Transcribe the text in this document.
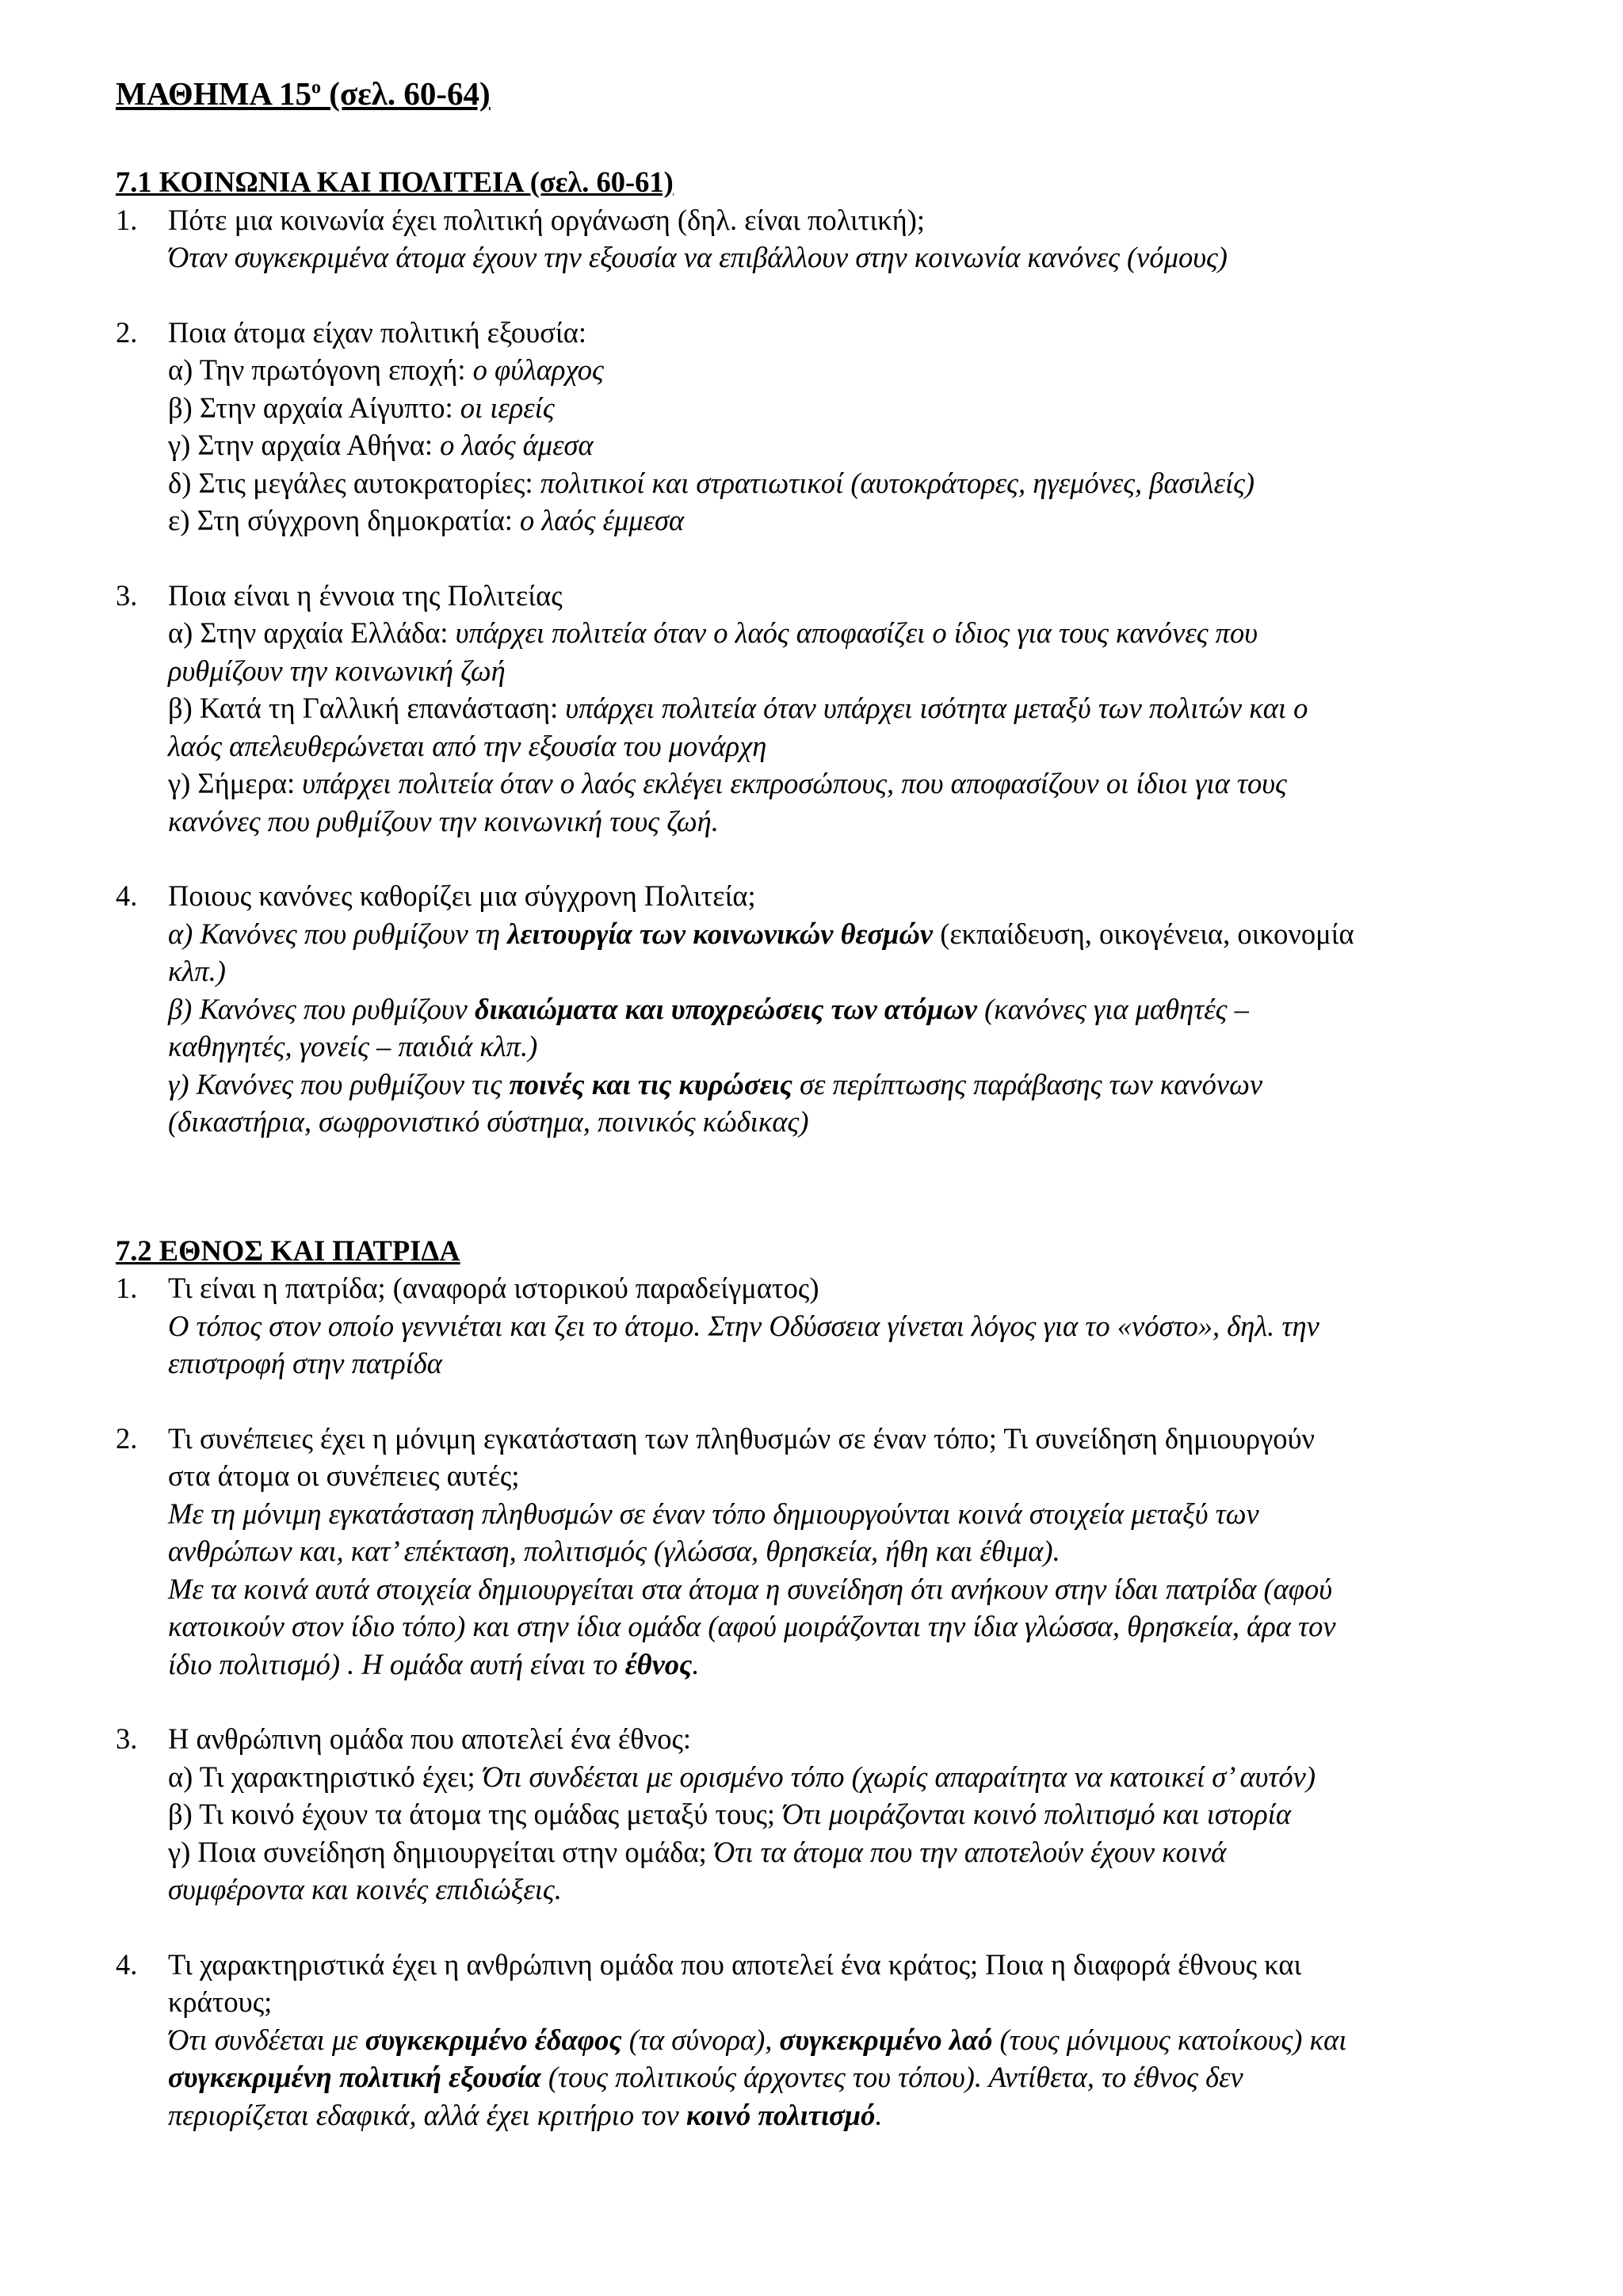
ΜΑΘΗΜΑ $15^o$ (σελ. 60-64)
7.1 ΚΟΙΝΩΝΙΑ ΚΑΙ ΠΟΛΙΤΕΙΑ (σελ. 60-61)
1. Πότε μια κοινωνία έχει πολιτική οργάνωση (δηλ. είναι πολιτική);
Όταν συγκεκριμένα άτομα έχουν την εξουσία να επιβάλλουν στην κοινωνία κανόνες (νόμους)
2. Ποια άτομα είχαν πολιτική εξουσία:
α) Την πρωτόγονη εποχή: ο φύλαρχος
β) Στην αρχαία Αίγυπτο: οι ιερείς
γ) Στην αρχαία Αθήνα: ο λαός άμεσα
δ) Στις μεγάλες αυτοκρατορίες: πολιτικοί και στρατιωτικοί (αυτοκράτορες, ηγεμόνες, βασιλείς)
ε) Στη σύγχρονη δημοκρατία: ο λαός έμμεσα
3. Ποια είναι η έννοια της Πολιτείας
α) Στην αρχαία Ελλάδα: υπάρχει πολιτεία όταν ο λαός αποφασίζει ο ίδιος για τους κανόνες που
ρυθμίζουν την κοινωνική ζωή
β) Κατά τη Γαλλική επανάσταση: υπάρχει πολιτεία όταν υπάρχει ισότητα μεταξύ των πολιτών και ο
λαός απελευθερώνεται από την εξουσία του μονάρχη
γ) Σήμερα: υπάρχει πολιτεία όταν ο λαός εκλέγει εκπροσώπους, που αποφασίζουν οι ίδιοι για τους
κανόνες που ρυθμίζουν την κοινωνική τους ζωή.
4. Ποιους κανόνες καθορίζει μια σύγχρονη Πολιτεία;
α) Κανόνες που ρυθμίζουν τη λειτουργία των κοινωνικών θεσμών (εκπαίδευση, οικογένεια, οικονομία
κλπ.)
β) Κανόνες που ρυθμίζουν δικαιώματα και υποχρεώσεις των ατόμων (κανόνες για μαθητές –
καθηγητές, γονείς – παιδιά κλπ.)
γ) Κανόνες που ρυθμίζουν τις ποινές και τις κυρώσεις σε περίπτωσης παράβασης των κανόνων
(δικαστήρια, σωφρονιστικό σύστημα, ποινικός κώδικας)
7.2 ΕΘΝΟΣ ΚΑΙ ΠΑΤΡΙΔΑ
1. Τι είναι η πατρίδα; (αναφορά ιστορικού παραδείγματος)
Ο τόπος στον οποίο γεννιέται και ζει το άτομο. Στην Οδύσσεια γίνεται λόγος για το «νόστο», δηλ. την
επιστροφή στην πατρίδα
2. Τι συνέπειες έχει η μόνιμη εγκατάσταση των πληθυσμών σε έναν τόπο; Τι συνείδηση δημιουργούν
στα άτομα οι συνέπειες αυτές;
Με τη μόνιμη εγκατάσταση πληθυσμών σε έναν τόπο δημιουργούνται κοινά στοιχεία μεταξύ των
ανθρώπων και, κατ’ επέκταση, πολιτισμός (γλώσσα, θρησκεία, ήθη και έθιμα).
Με τα κοινά αυτά στοιχεία δημιουργείται στα άτομα η συνείδηση ότι ανήκουν στην ίδαι πατρίδα (αφού
κατοικούν στον ίδιο τόπο) και στην ίδια ομάδα (αφού μοιράζονται την ίδια γλώσσα, θρησκεία, άρα τον
ίδιο πολιτισμό) . Η ομάδα αυτή είναι το έθνος.
3. Η ανθρώπινη ομάδα που αποτελεί ένα έθνος:
α) Τι χαρακτηριστικό έχει; Ότι συνδέεται με ορισμένο τόπο (χωρίς απαραίτητα να κατοικεί σ’ αυτόν)
β) Τι κοινό έχουν τα άτομα της ομάδας μεταξύ τους; Ότι μοιράζονται κοινό πολιτισμό και ιστορία
γ) Ποια συνείδηση δημιουργείται στην ομάδα; Ότι τα άτομα που την αποτελούν έχουν κοινά
συμφέροντα και κοινές επιδιώξεις.
4. Τι χαρακτηριστικά έχει η ανθρώπινη ομάδα που αποτελεί ένα κράτος; Ποια η διαφορά έθνους και
κράτους;
Ότι συνδέεται με συγκεκριμένο έδαφος (τα σύνορα), συγκεκριμένο λαό (τους μόνιμους κατοίκους) και
συγκεκριμένη πολιτική εξουσία (τους πολιτικούς άρχοντες του τόπου). Αντίθετα, το έθνος δεν
περιορίζεται εδαφικά, αλλά έχει κριτήριο τον κοινό πολιτισμό.
